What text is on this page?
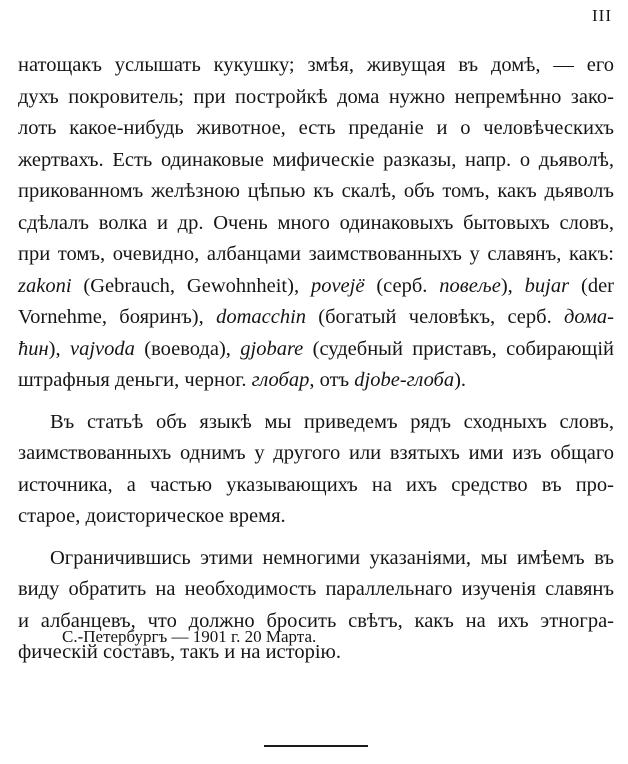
III
натощакъ услышать кукушку; змѣя, живущая въ домѣ, — его
духъ покровитель; при постройкѣ дома нужно непремѣнно зако-
лоть какое-нибудь животное, есть преданіе и о человѣческихъ
жертвахъ. Есть одинаковые мифическіе разказы, напр. о дьяволѣ,
прикованномъ желѣзною цѣпью къ скалѣ, объ томъ, какъ дьяволъ
сдѣлалъ волка и др. Очень много одинаковыхъ бытовыхъ словъ,
при томъ, очевидно, албанцами заимствованныхъ у славянъ, какъ:
zakoni (Gebrauch, Gewohnheit), povejë (серб. повеље), bujar (der
Vornehme, бояринъ), domacchin (богатый человѣкъ, серб. дома-
ћин), vajvoda (воевода), gjobare (судебный приставъ, собирающій
штрафныя деньги, черног. глобар, отъ djobe-глоба).
Въ статьѣ объ языкѣ мы приведемъ рядъ сходныхъ словъ,
заимствованныхъ однимъ у другого или взятыхъ ими изъ общаго
источника, а частью указывающихъ на ихъ средство въ про-
старое, доисторическое время.
Ограничившись этими немногими указаніями, мы имѣемъ въ
виду обратить на необходимость параллельнаго изученія славянъ
и албанцевъ, что должно бросить свѣтъ, какъ на ихъ этногра-
фическій составъ, такъ и на исторію.
С.-Петербургъ — 1901 г. 20 Марта.
